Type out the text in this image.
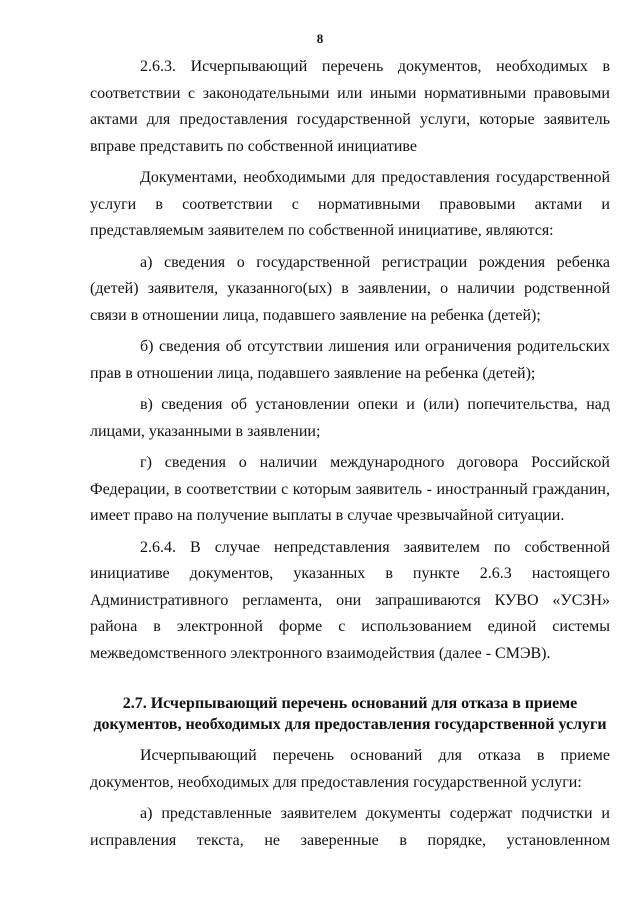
8

2.6.3. Исчерпывающий перечень документов, необходимых в соответствии с законодательными или иными нормативными правовыми актами для предоставления государственной услуги, которые заявитель вправе представить по собственной инициативе

Документами, необходимыми для предоставления государственной услуги в соответствии с нормативными правовыми актами и представляемым заявителем по собственной инициативе, являются:

а) сведения о государственной регистрации рождения ребенка (детей) заявителя, указанного(ых) в заявлении, о наличии родственной связи в отношении лица, подавшего заявление на ребенка (детей);

б) сведения об отсутствии лишения или ограничения родительских прав в отношении лица, подавшего заявление на ребенка (детей);

в) сведения об установлении опеки и (или) попечительства, над лицами, указанными в заявлении;

г) сведения о наличии международного договора Российской Федерации, в соответствии с которым заявитель - иностранный гражданин, имеет право на получение выплаты в случае чрезвычайной ситуации.

2.6.4. В случае непредставления заявителем по собственной инициативе документов, указанных в пункте 2.6.3 настоящего Административного регламента, они запрашиваются КУВО «УСЗН» района в электронной форме с использованием единой системы межведомственного электронного взаимодействия (далее - СМЭВ).

2.7. Исчерпывающий перечень оснований для отказа в приеме
документов, необходимых для предоставления государственной услуги

Исчерпывающий перечень оснований для отказа в приеме документов, необходимых для предоставления государственной услуги:

а) представленные заявителем документы содержат подчистки и исправления текста, не заверенные в порядке, установленном
